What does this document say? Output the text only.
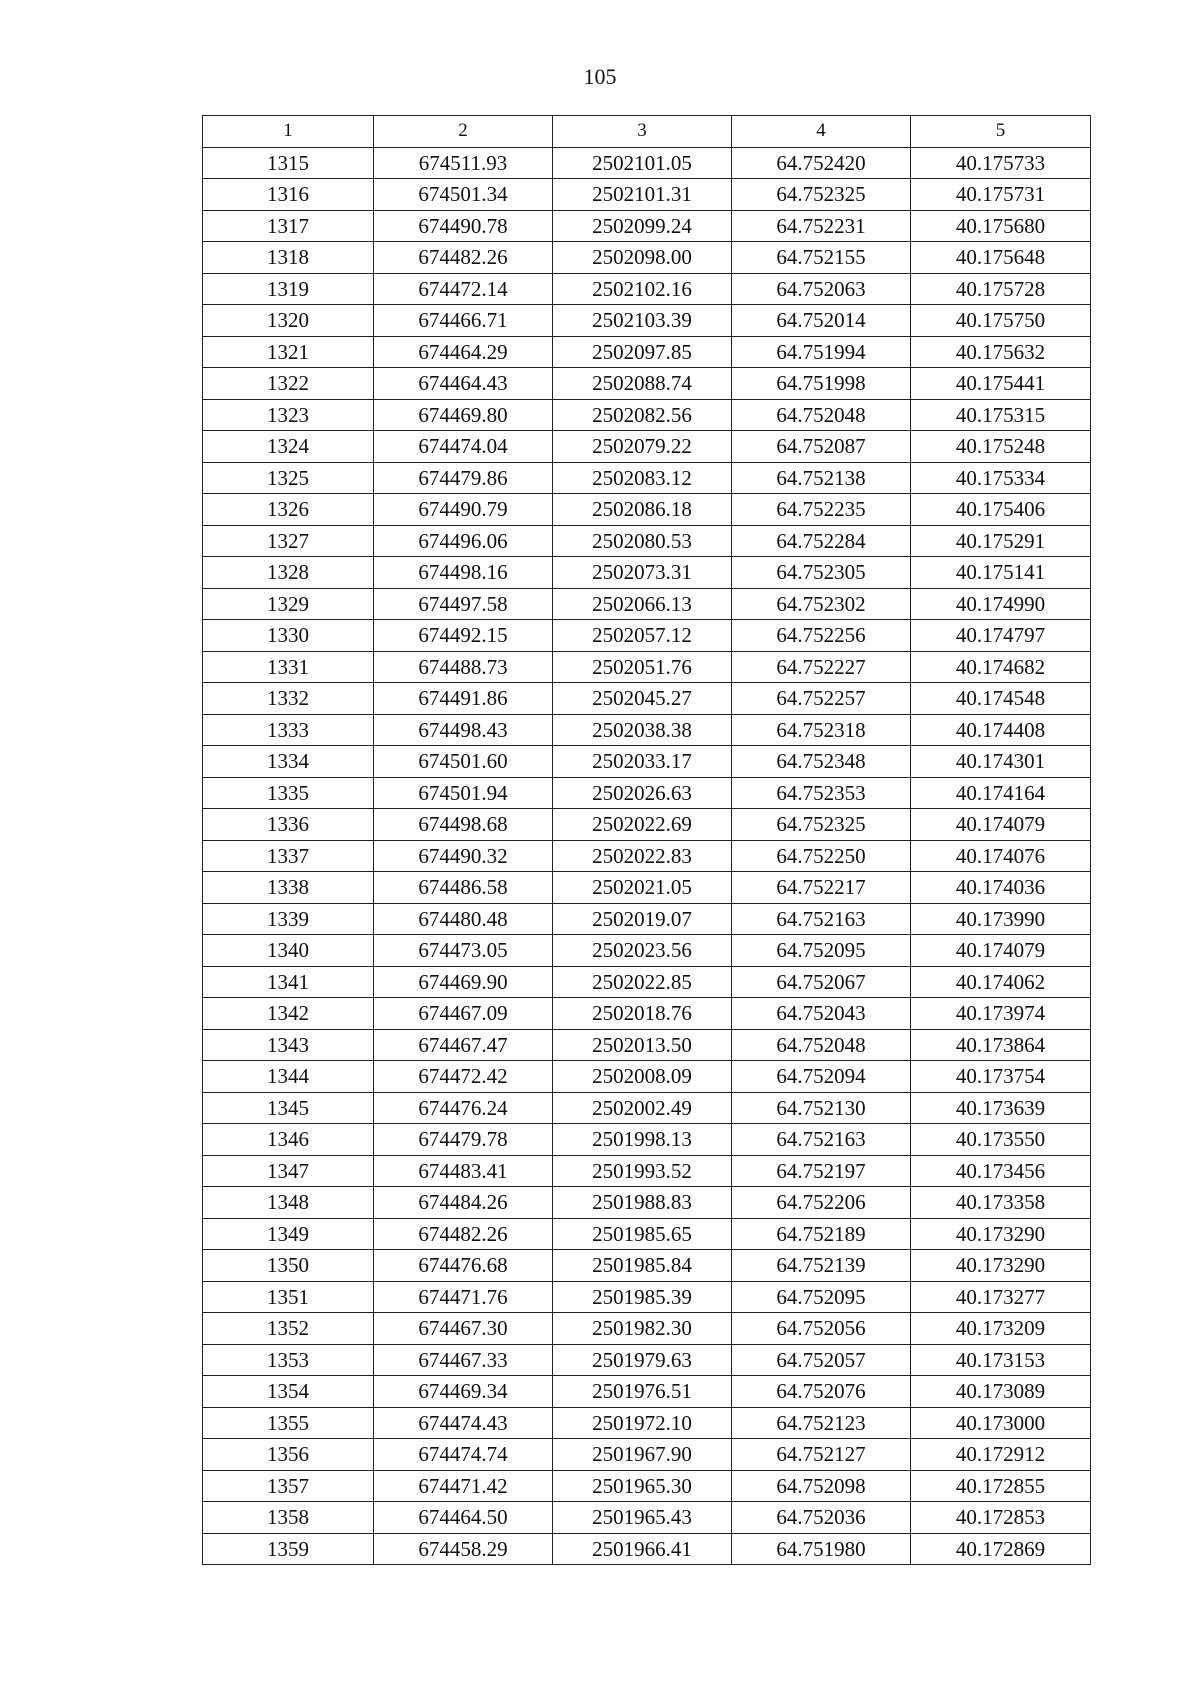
105
1	2	3	4	5
1315	674511.93	2502101.05	64.752420	40.175733
1316	674501.34	2502101.31	64.752325	40.175731
1317	674490.78	2502099.24	64.752231	40.175680
1318	674482.26	2502098.00	64.752155	40.175648
1319	674472.14	2502102.16	64.752063	40.175728
1320	674466.71	2502103.39	64.752014	40.175750
1321	674464.29	2502097.85	64.751994	40.175632
1322	674464.43	2502088.74	64.751998	40.175441
1323	674469.80	2502082.56	64.752048	40.175315
1324	674474.04	2502079.22	64.752087	40.175248
1325	674479.86	2502083.12	64.752138	40.175334
1326	674490.79	2502086.18	64.752235	40.175406
1327	674496.06	2502080.53	64.752284	40.175291
1328	674498.16	2502073.31	64.752305	40.175141
1329	674497.58	2502066.13	64.752302	40.174990
1330	674492.15	2502057.12	64.752256	40.174797
1331	674488.73	2502051.76	64.752227	40.174682
1332	674491.86	2502045.27	64.752257	40.174548
1333	674498.43	2502038.38	64.752318	40.174408
1334	674501.60	2502033.17	64.752348	40.174301
1335	674501.94	2502026.63	64.752353	40.174164
1336	674498.68	2502022.69	64.752325	40.174079
1337	674490.32	2502022.83	64.752250	40.174076
1338	674486.58	2502021.05	64.752217	40.174036
1339	674480.48	2502019.07	64.752163	40.173990
1340	674473.05	2502023.56	64.752095	40.174079
1341	674469.90	2502022.85	64.752067	40.174062
1342	674467.09	2502018.76	64.752043	40.173974
1343	674467.47	2502013.50	64.752048	40.173864
1344	674472.42	2502008.09	64.752094	40.173754
1345	674476.24	2502002.49	64.752130	40.173639
1346	674479.78	2501998.13	64.752163	40.173550
1347	674483.41	2501993.52	64.752197	40.173456
1348	674484.26	2501988.83	64.752206	40.173358
1349	674482.26	2501985.65	64.752189	40.173290
1350	674476.68	2501985.84	64.752139	40.173290
1351	674471.76	2501985.39	64.752095	40.173277
1352	674467.30	2501982.30	64.752056	40.173209
1353	674467.33	2501979.63	64.752057	40.173153
1354	674469.34	2501976.51	64.752076	40.173089
1355	674474.43	2501972.10	64.752123	40.173000
1356	674474.74	2501967.90	64.752127	40.172912
1357	674471.42	2501965.30	64.752098	40.172855
1358	674464.50	2501965.43	64.752036	40.172853
1359	674458.29	2501966.41	64.751980	40.172869
